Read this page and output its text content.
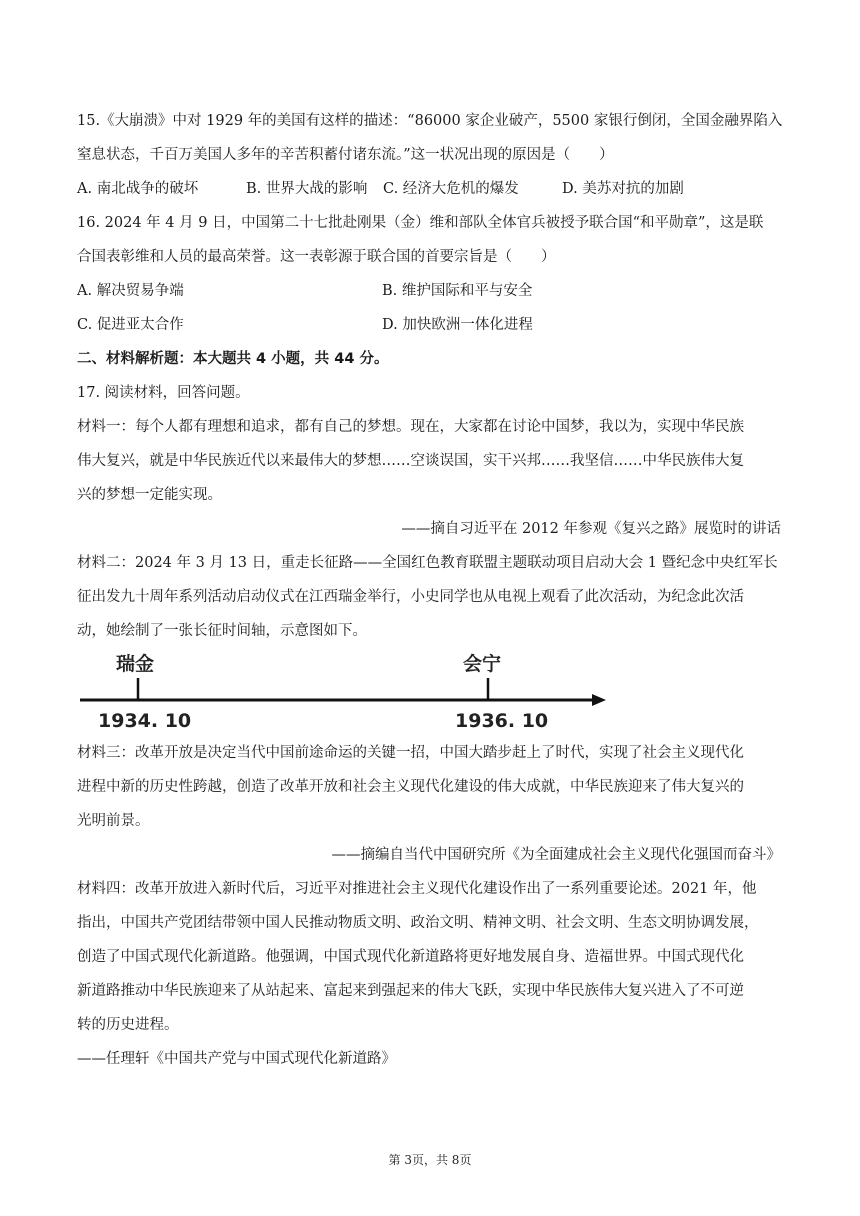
15.《大崩溃》中对 1929 年的美国有这样的描述：“86000 家企业破产，5500 家银行倒闭，全国金融界陷入
窒息状态，千百万美国人多年的辛苦积蓄付诸东流。”这一状况出现的原因是（　　）
A. 南北战争的破坏	B. 世界大战的影响 C. 经济大危机的爆发	D. 美苏对抗的加剧
16. 2024 年 4 月 9 日，中国第二十七批赴刚果（金）维和部队全体官兵被授予联合国“和平勋章”，这是联
合国表彰维和人员的最高荣誉。这一表彰源于联合国的首要宗旨是（　　）
A. 解决贸易争端	B. 维护国际和平与安全
C. 促进亚太合作	D. 加快欧洲一体化进程
二、材料解析题：本大题共 4 小题，共 44 分。
17. 阅读材料，回答问题。
材料一：每个人都有理想和追求，都有自己的梦想。现在，大家都在讨论中国梦，我以为，实现中华民族
伟大复兴，就是中华民族近代以来最伟大的梦想……空谈误国，实干兴邦……我坚信……中华民族伟大复
兴的梦想一定能实现。
——摘自习近平在 2012 年参观《复兴之路》展览时的讲话
材料二：2024 年 3 月 13 日，重走长征路——全国红色教育联盟主题联动项目启动大会 1 暨纪念中央红军长
征出发九十周年系列活动启动仪式在江西瑞金举行，小史同学也从电视上观看了此次活动，为纪念此次活
动，她绘制了一张长征时间轴，示意图如下。
瑞金	会宁
1934. 10	1936. 10
材料三：改革开放是决定当代中国前途命运的关键一招，中国大踏步赶上了时代，实现了社会主义现代化
进程中新的历史性跨越，创造了改革开放和社会主义现代化建设的伟大成就，中华民族迎来了伟大复兴的
光明前景。
——摘编自当代中国研究所《为全面建成社会主义现代化强国而奋斗》
材料四：改革开放进入新时代后，习近平对推进社会主义现代化建设作出了一系列重要论述。2021 年，他
指出，中国共产党团结带领中国人民推动物质文明、政治文明、精神文明、社会文明、生态文明协调发展，
创造了中国式现代化新道路。他强调，中国式现代化新道路将更好地发展自身、造福世界。中国式现代化
新道路推动中华民族迎来了从站起来、富起来到强起来的伟大飞跃，实现中华民族伟大复兴进入了不可逆
转的历史进程。
——任理轩《中国共产党与中国式现代化新道路》
第 3页，共 8页
